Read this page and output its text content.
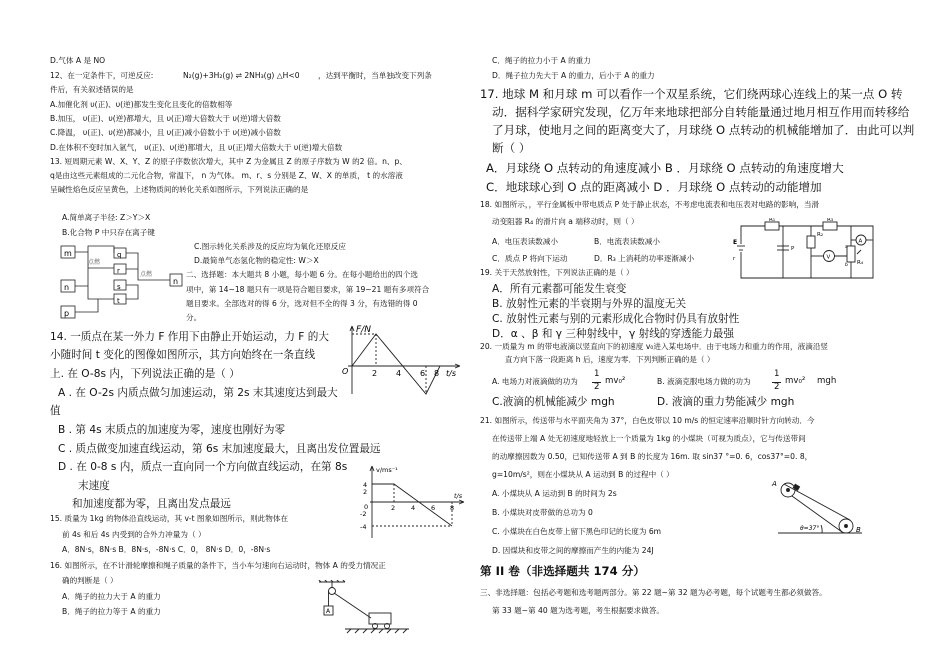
D.气体 A 是 NO
12、在一定条件下，可逆反应:	N₂(g)+3H₂(g) ⇌ 2NH₃(g) △H<0 ，达到平衡时，当单独改变下列条
件后，有关叙述错误的是
A.加催化剂 υ(正)、υ(逆)都发生变化且变化的倍数相等
B.加压， υ(正)、υ(逆)都增大，且 υ(正)增大倍数大于 υ(逆)增大倍数
C.降温， υ(正)、υ(逆)都减小，且 υ(正)减小倍数小于 υ(逆)减小倍数
D.在体积不变时加入氩气， υ(正)、υ(逆)都增大，且 υ(正)增大倍数大于 υ(逆)增大倍数
13. 短周期元素 W、X、Y、Z 的原子序数依次增大，其中 Z 为金属且 Z 的原子序数为 W 的2 倍。n、p、
q是由这些元素组成的二元化合物，常温下， n 为气体。 m、r、s 分别是 Z、W、X 的单质， t 的水溶液
呈碱性焰色反应呈黄色，上述物质间的转化关系如图所示，下列说法正确的是
A.简单离子半径: Z＞Y＞X
B.化合物 P 中只存在离子键
m
n
p
q
r
s
t
n
点燃
点燃
C.图示转化关系涉及的反应均为氧化还原反应
D.最简单气态氢化物的稳定性: W＞X
二、选择题：本大题共 8 小题，每小题 6 分。在每小题给出的四个选
项中，第 14~18 题只有一项是符合题目要求，第 19~21 题有多项符合
题目要求。全部选对的得 6 分，选对但不全的得 3 分，有选错的得 0
分。
14. 一质点在某一外力 F 作用下由静止开始运动，力 F 的大
小随时间 t 变化的图像如图所示，其方向始终在一条直线
上. 在 O-8s 内，下列说法正确的是（ ）
F/N
t/s
O	2 4 6 8
A . 在 O-2s 内质点做匀加速运动，第 2s 末其速度达到最大
值
B . 第 4s 末质点的加速度为零，速度也刚好为零
C . 质点做变加速直线运动，第 6s 末加速度最大，且离出发位置最远
D . 在 0-8 s 内，质点一直向同一个方向做直线运动，在第 8s
末速度
和加速度都为零，且离出发点最远
v/ms⁻¹
t/s
4
2
-2
-4
0	2 4 6 8
15. 质量为 1kg 的物体沿直线运动，其 v-t 图象如图所示，则此物体在
前 4s 和后 4s 内受到的合外力冲量为（ ）
A．8N·s，8N·s B．8N·s，-8N·s C．0， 8N·s D．0，-8N·s
16. 如图所示，在不计滑轮摩擦和绳子质量的条件下，当小车匀速向右运动时，物体 A 的受力情况正
确的判断是（ ）
A．绳子的拉力大于 A 的重力
B．绳子的拉力等于 A 的重力	A
C．绳子的拉力小于 A 的重力
D．绳子拉力先大于 A 的重力，后小于 A 的重力
17. 地球 M 和月球 m 可以看作一个双星系统，它们绕两球心连线上的某一点 O 转
动．据科学家研究发现，亿万年来地球把部分自转能量通过地月相互作用而转移给
了月球，使地月之间的距离变大了，月球绕 O 点转动的机械能增加了．由此可以判
断（ ）
A．月球绕 O 点转动的角速度减小 B ．月球绕 O 点转动的角速度增大
C．地球球心到 O 点的距离减小 D ．月球绕 O 点转动的动能增加
18. 如图所示，，平行金属板中带电质点 P 处于静止状态，不考虑电流表和电压表对电路的影响，当滑
动变阻器 R₄ 的滑片向 a 端移动时，则（ ）
A．电压表读数减小	B．电流表读数减小
C．质点 P 将向下运动	D．R₃ 上消耗的功率逐渐减小
R₁	R₃
E
r
P
R₂
V
A
R₄
a
b
19. 关于天然放射性，下列说法正确的是（ ）
A．所有元素都可能发生衰变
B. 放射性元素的半衰期与外界的温度无关
C. 放射性元素与别的元素形成化合物时仍具有放射性
D．α 、β 和 γ 三种射线中，γ 射线的穿透能力最强
20. 一质量为 m 的带电液滴以竖直向下的初速度 v₀进入某电场中．由于电场力和重力的作用，液滴沿竖
直方向下落一段距离 h 后，速度为零．下列判断正确的是（ ）
A. 电场力对液滴做的功为
1
2
mv₀²	B. 液滴克服电场力做的功为
1
2
mv₀² mgh
C.液滴的机械能减少 mgh	D. 液滴的重力势能减少 mgh
21. 如图所示，传送带与水平面夹角为 37°，白色皮带以 10 m/s 的恒定速率沿顺时针方向转动．今
在传送带上端 A 处无初速度地轻放上一个质量为 1kg 的小煤块（可视为质点），它与传送带间
的动摩擦因数为 0.50，已知传送带 A 到 B 的长度为 16m. 取 sin37 °=0. 6，cos37°=0. 8，
g=10m/s²，则在小煤块从 A 运动到 B 的过程中（ ）
A. 小煤块从 A 运动到 B 的时间为 2s
B. 小煤块对皮带做的总功为 0
C. 小煤块在白色皮带上留下黑色印记的长度为 6m
D. 因煤块和皮带之间的摩擦而产生的内能为 24J
A
B
θ=37°
第 II 卷（非选择题共 174 分）
三、非选择题：包括必考题和选考题两部分。第 22 题~第 32 题为必考题，每个试题考生都必须做答。
第 33 题~第 40 题为选考题，考生根据要求做答。
